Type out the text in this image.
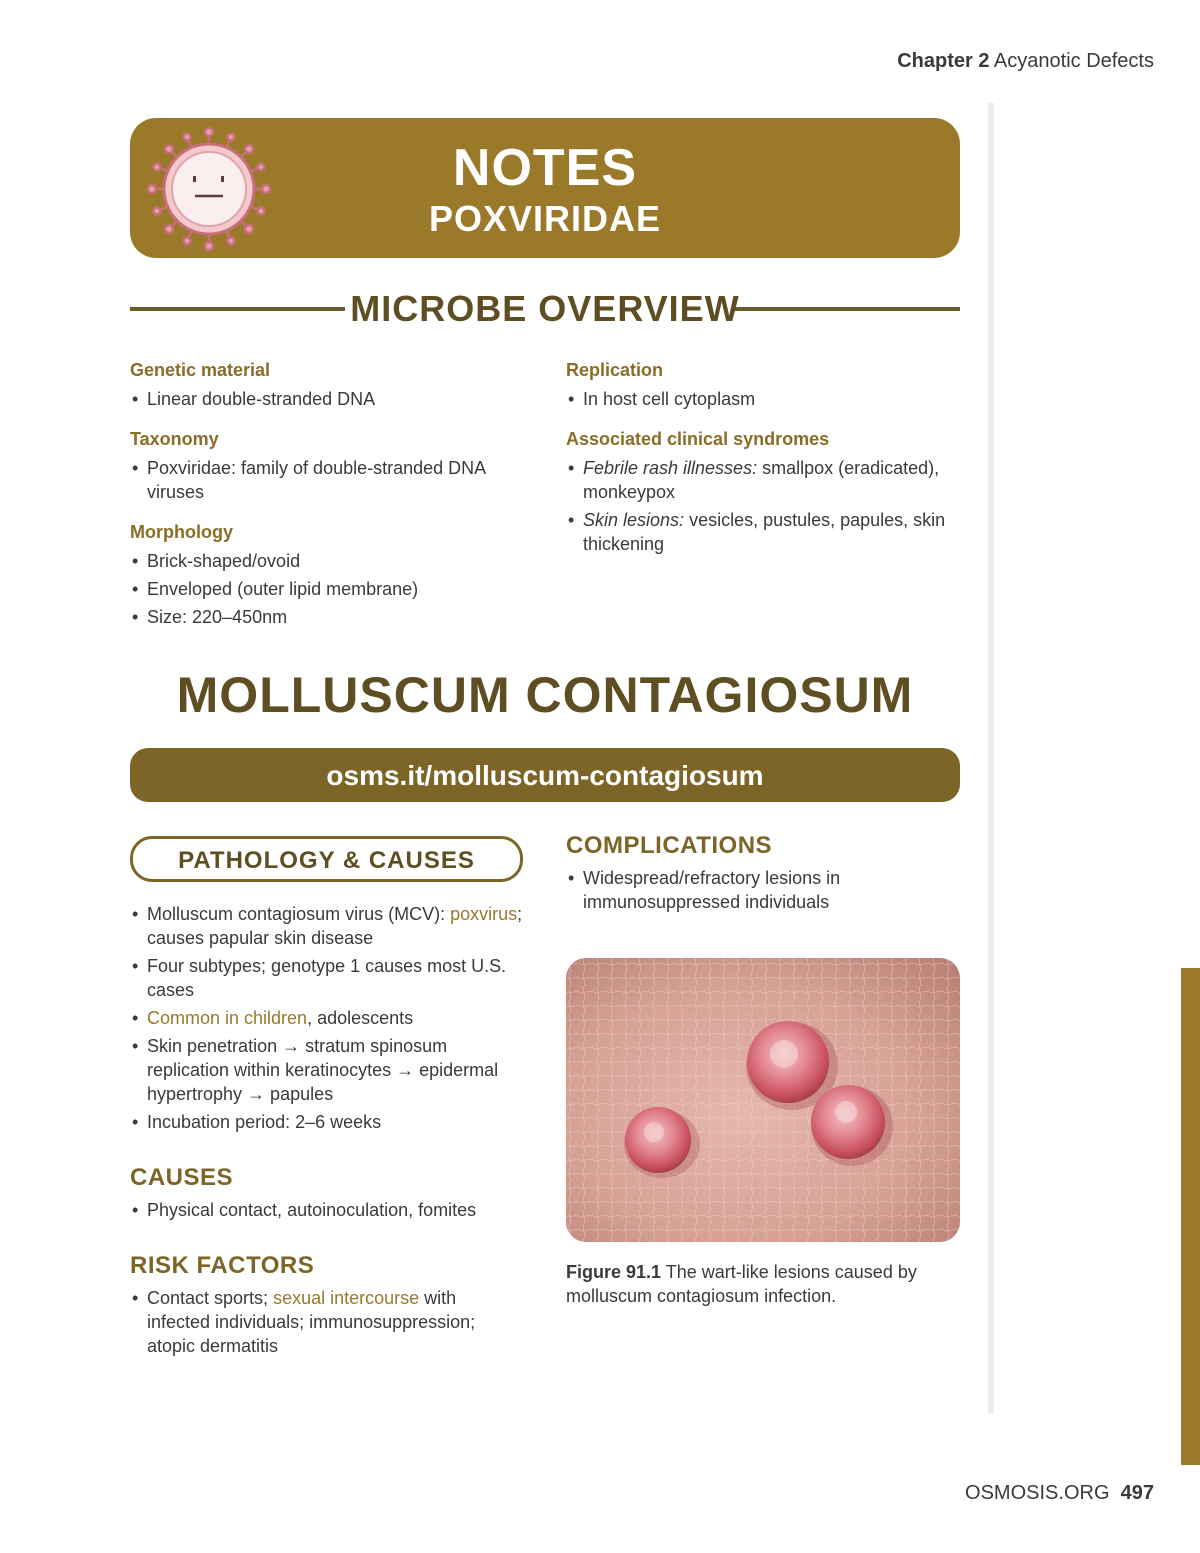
Chapter 2 Acyanotic Defects
NOTES
POXVIRIDAE
MICROBE OVERVIEW
Genetic material
• Linear double-stranded DNA
Taxonomy
• Poxviridae: family of double-stranded DNA viruses
Morphology
• Brick-shaped/ovoid
• Enveloped (outer lipid membrane)
• Size: 220–450nm
Replication
• In host cell cytoplasm
Associated clinical syndromes
• Febrile rash illnesses: smallpox (eradicated), monkeypox
• Skin lesions: vesicles, pustules, papules, skin thickening
MOLLUSCUM CONTAGIOSUM
osms.it/molluscum-contagiosum
PATHOLOGY & CAUSES
• Molluscum contagiosum virus (MCV): poxvirus; causes papular skin disease
• Four subtypes; genotype 1 causes most U.S. cases
• Common in children, adolescents
• Skin penetration → stratum spinosum replication within keratinocytes → epidermal hypertrophy → papules
• Incubation period: 2–6 weeks
CAUSES
• Physical contact, autoinoculation, fomites
RISK FACTORS
• Contact sports; sexual intercourse with infected individuals; immunosuppression; atopic dermatitis
COMPLICATIONS
• Widespread/refractory lesions in immunosuppressed individuals
Figure 91.1 The wart-like lesions caused by molluscum contagiosum infection.
OSMOSIS.ORG 497
